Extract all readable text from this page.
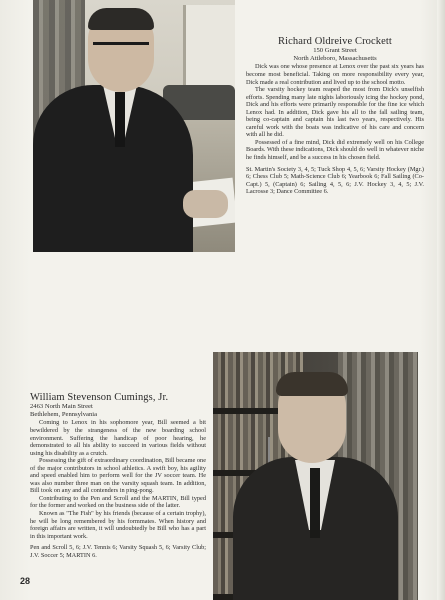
Richard Oldreive Crockett

150 Grant Street

North Attleboro, Massachusetts

Dick was one whose presence at Lenox over the past six years has become most beneficial. Taking on more responsibility every year, Dick made a real contribution and lived up to the school motto.

The varsity hockey team reaped the most from Dick's unselfish efforts. Spending many late nights laboriously icing the hockey pond, Dick and his efforts were primarily responsible for the fine ice which Lenox had. In addition, Dick gave his all to the fall sailing team, being co-captain and captain his last two years, respectively. His careful work with the boats was indicative of his care and concern with all he did.

Possessed of a fine mind, Dick did extremely well on his College Boards. With these indications, Dick should do well in whatever niche he finds himself, and be a success in his chosen field.

St. Martin's Society 3, 4, 5; Tuck Shop 4, 5, 6; Varsity Hockey (Mgr.) 6; Chess Club 5; Math-Science Club 6; Yearbook 6; Fall Sailing (Co-Capt.) 5, (Captain) 6; Sailing 4, 5, 6; J.V. Hockey 3, 4, 5; J.V. Lacrosse 3; Dance Committee 6.

William Stevenson Cumings, Jr.

2463 North Main Street

Bethlehem, Pennsylvania

Coming to Lenox in his sophomore year, Bill seemed a bit bewildered by the strangeness of the new boarding school environment. Suffering the handicap of poor hearing, he demonstrated to all his ability to succeed in various fields without using his disability as a crutch.

Possessing the gift of extraordinary coordination, Bill became one of the major contributors in school athletics. A swift boy, his agility and speed enabled him to perform well for the JV soccer team. He was also number three man on the varsity squash team. In addition, Bill took on any and all contenders in ping-pong.

Contributing to the Pen and Scroll and the MARTIN, Bill typed for the former and worked on the business side of the latter.

Known as "The Fish" by his friends (because of a certain trophy), he will be long remembered by his formmates. When history and foreign affairs are written, it will undoubtedly be Bill who has a part in this important work.

Pen and Scroll 5, 6; J.V. Tennis 6; Varsity Squash 5, 6; Varsity Club; J.V. Soccer 5; MARTIN 6.

28
